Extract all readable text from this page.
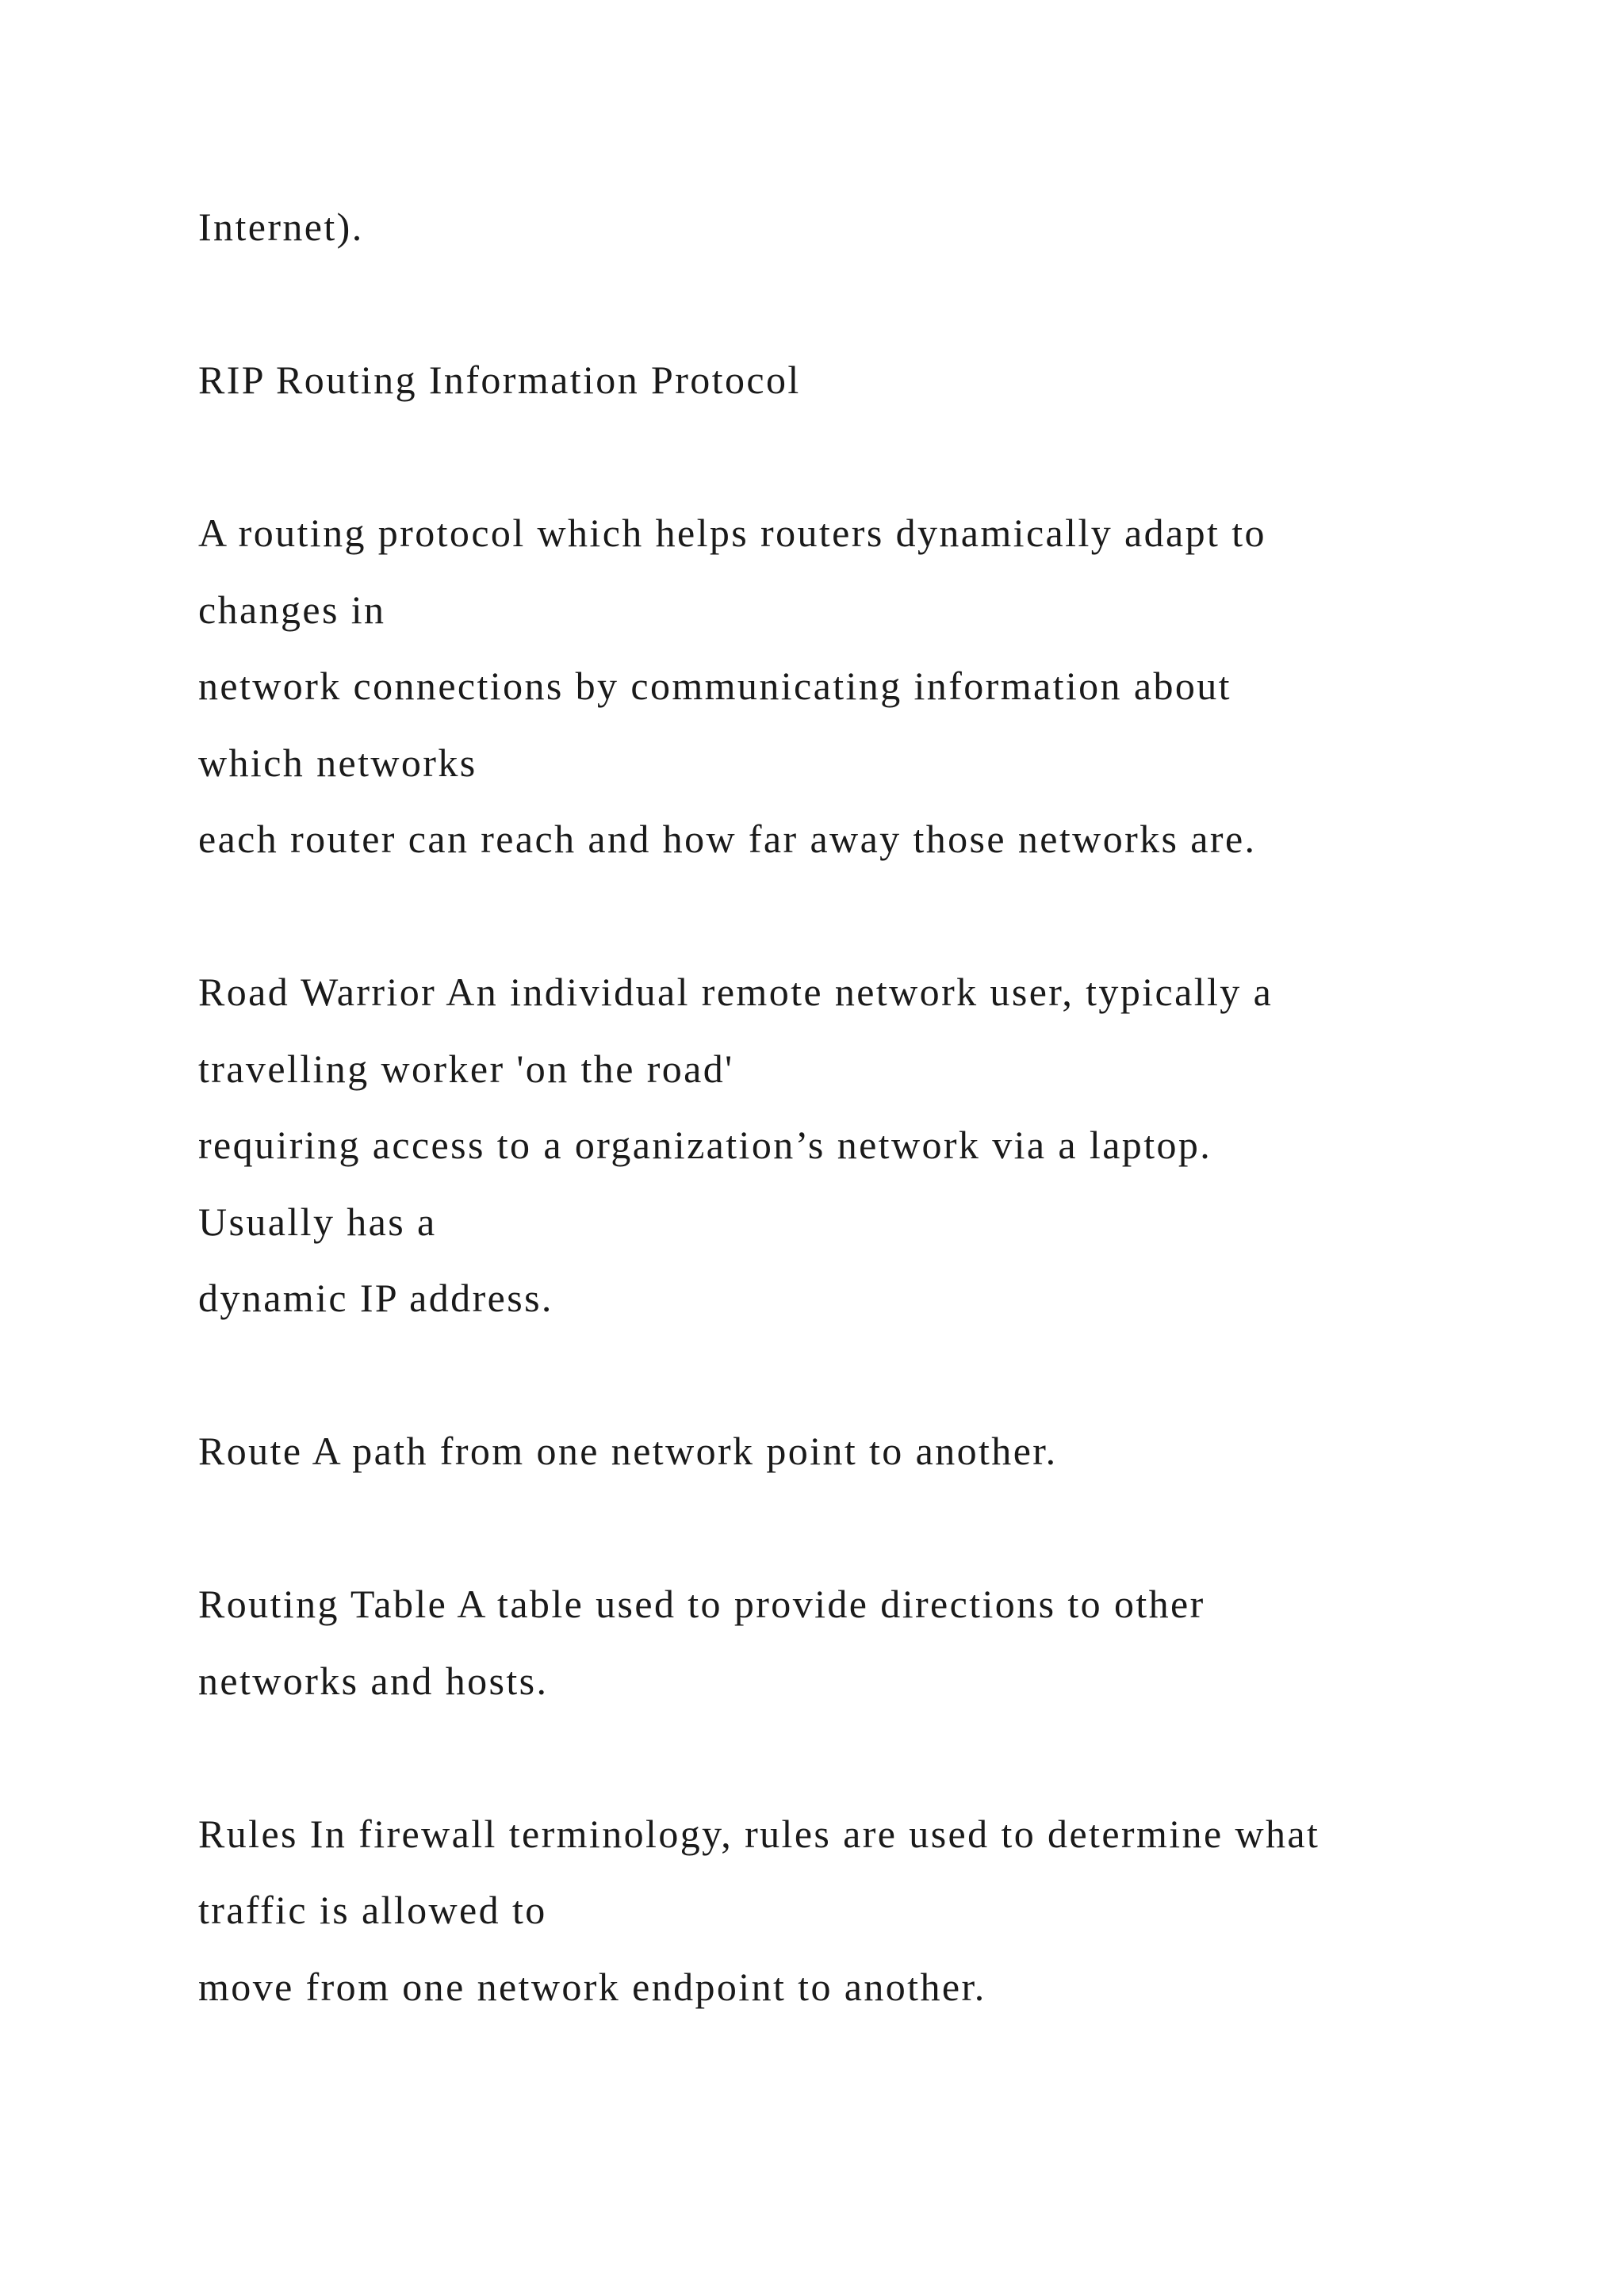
Internet).
RIP Routing Information Protocol
A routing protocol which helps routers dynamically adapt to
changes in
network connections by communicating information about
which networks
each router can reach and how far away those networks are.
Road Warrior An individual remote network user, typically a
travelling worker 'on the road'
requiring access to a organization’s network via a laptop.
Usually has a
dynamic IP address.
Route A path from one network point to another.
Routing Table A table used to provide directions to other
networks and hosts.
Rules In firewall terminology, rules are used to determine what
traffic is allowed to
move from one network endpoint to another.
